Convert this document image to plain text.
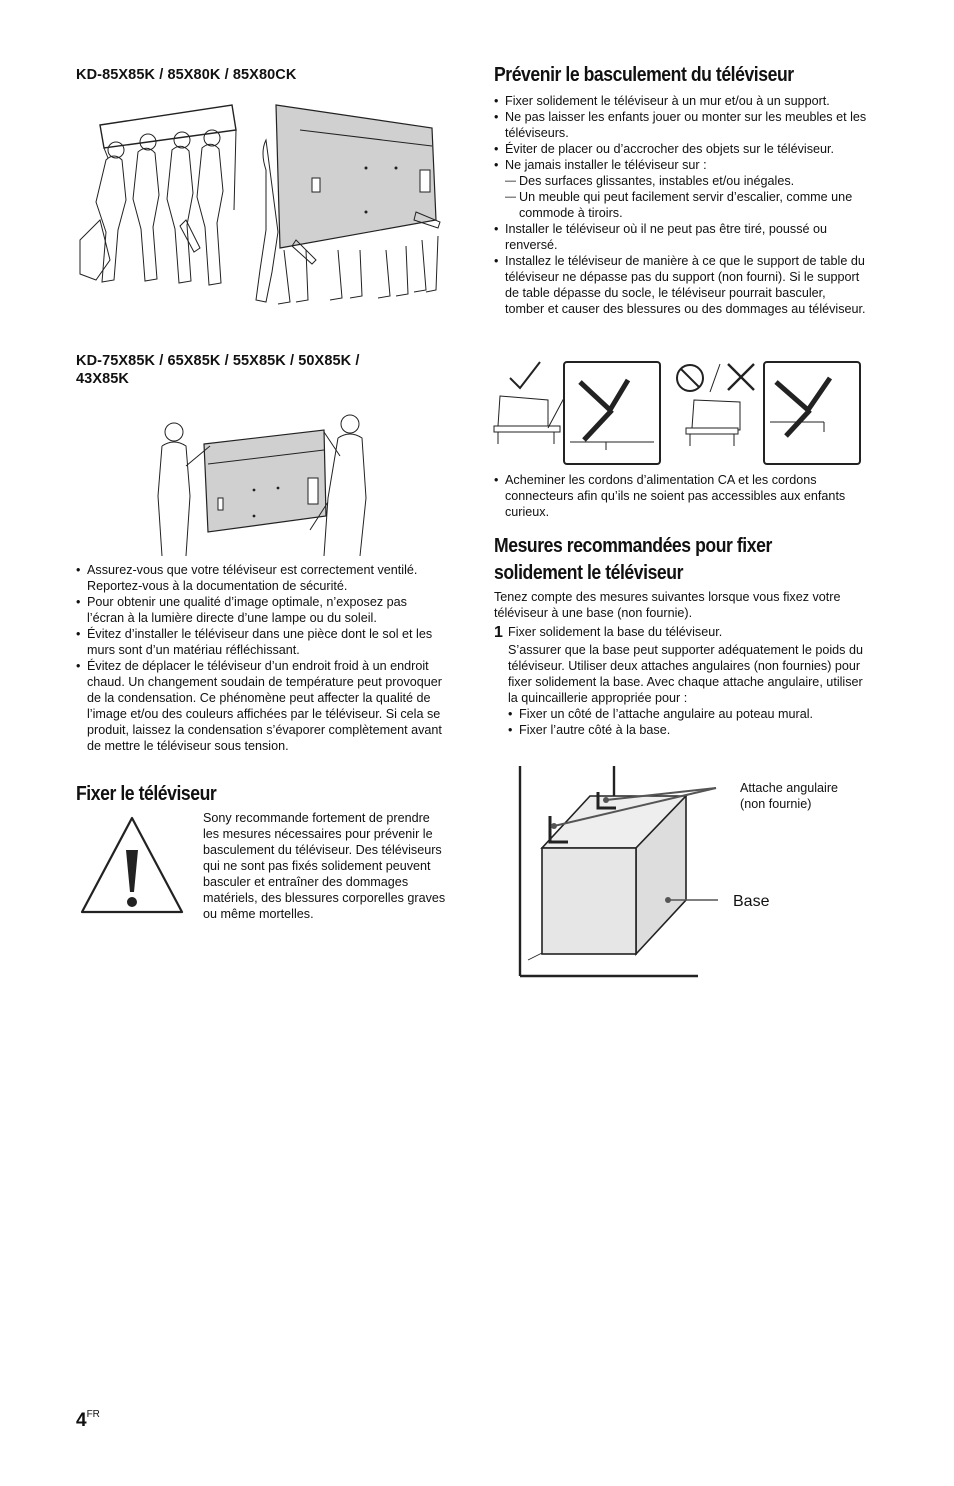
KD-85X85K / 85X80K / 85X80CK
KD-75X85K / 65X85K / 55X85K / 50X85K /
43X85K
• Assurez-vous que votre téléviseur est correctement ventilé. Reportez-vous à la documentation de sécurité.
• Pour obtenir une qualité d’image optimale, n’exposez pas l’écran à la lumière directe d’une lampe ou du soleil.
• Évitez d’installer le téléviseur dans une pièce dont le sol et les murs sont d’un matériau réfléchissant.
• Évitez de déplacer le téléviseur d’un endroit froid à un endroit chaud. Un changement soudain de température peut provoquer de la condensation. Ce phénomène peut affecter la qualité de l’image et/ou des couleurs affichées par le téléviseur. Si cela se produit, laissez la condensation s’évaporer complètement avant de mettre le téléviseur sous tension.
Fixer le téléviseur

Sony recommande fortement de prendre les mesures nécessaires pour prévenir le basculement du téléviseur. Des téléviseurs qui ne sont pas fixés solidement peuvent basculer et entraîner des dommages matériels, des blessures corporelles graves ou même mortelles.

Prévenir le basculement du téléviseur
• Fixer solidement le téléviseur à un mur et/ou à un support.
• Ne pas laisser les enfants jouer ou monter sur les meubles et les téléviseurs.
• Éviter de placer ou d’accrocher des objets sur le téléviseur.
• Ne jamais installer le téléviseur sur :
— Des surfaces glissantes, instables et/ou inégales.
— Un meuble qui peut facilement servir d’escalier, comme une commode à tiroirs.
• Installer le téléviseur où il ne peut pas être tiré, poussé ou renversé.
• Installez le téléviseur de manière à ce que le support de table du téléviseur ne dépasse pas du support (non fourni). Si le support de table dépasse du socle, le téléviseur pourrait basculer, tomber et causer des blessures ou des dommages au téléviseur.
• Acheminer les cordons d’alimentation CA et les cordons connecteurs afin qu’ils ne soient pas accessibles aux enfants curieux.
Mesures recommandées pour fixer
solidement le téléviseur

Tenez compte des mesures suivantes lorsque vous fixez votre téléviseur à une base (non fournie).

1 Fixer solidement la base du téléviseur.

S’assurer que la base peut supporter adéquatement le poids du téléviseur. Utiliser deux attaches angulaires (non fournies) pour fixer solidement la base. Avec chaque attache angulaire, utiliser la quincaillerie appropriée pour :

• Fixer un côté de l’attache angulaire au poteau mural.
• Fixer l’autre côté à la base.
Attache angulaire
(non fournie)
Base
$4^{FR}$
